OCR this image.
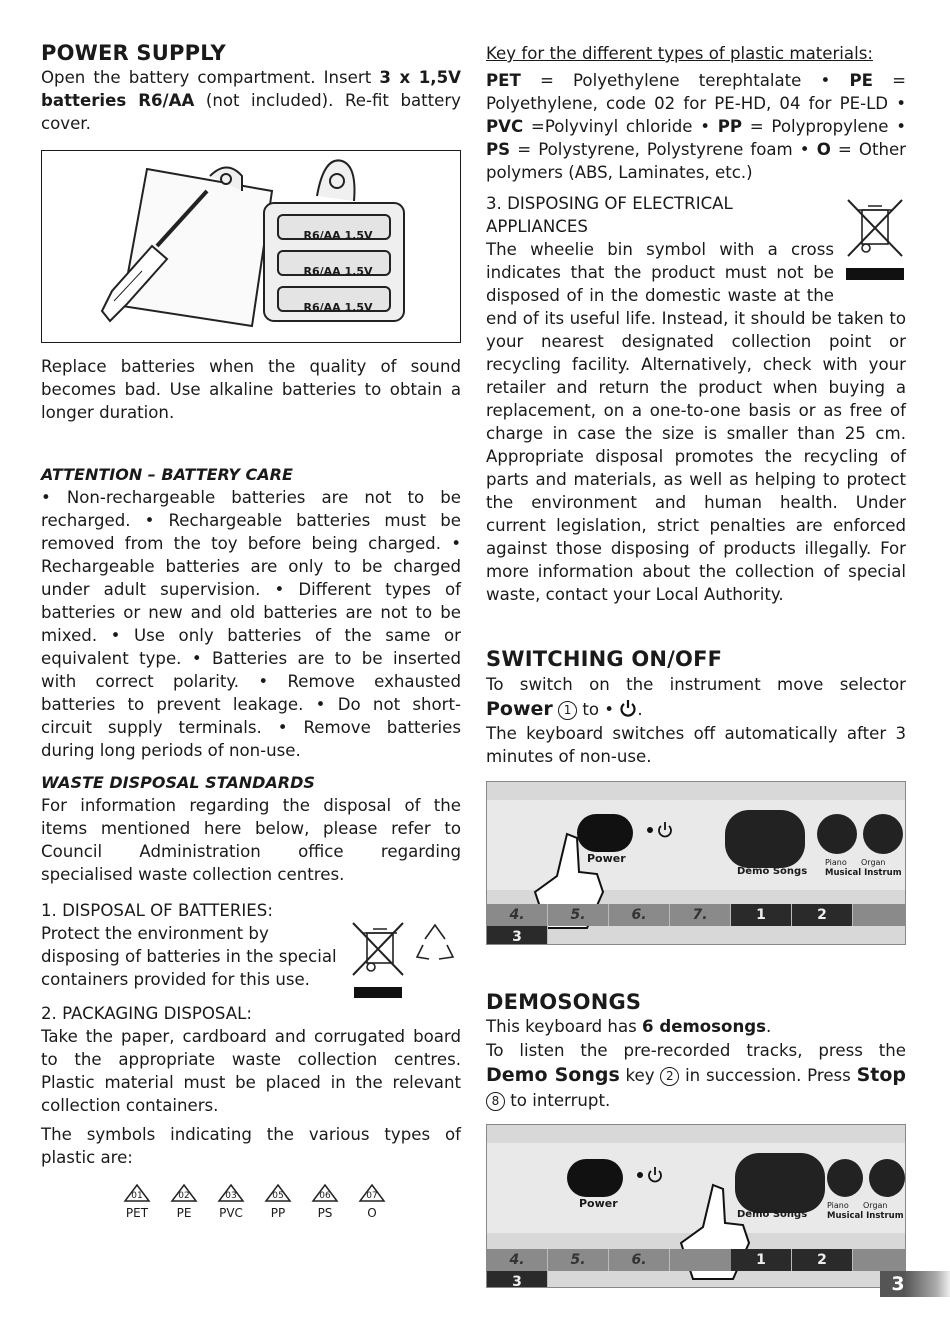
POWER SUPPLY

Open the battery compartment. Insert 3 x 1,5V batteries R6/AA (not included). Re-fit battery cover.

R6/AA 1.5V
R6/AA 1.5V
R6/AA 1.5V

Replace batteries when the quality of sound becomes bad. Use alkaline batteries to obtain a longer duration.

ATTENTION – BATTERY CARE

• Non-rechargeable batteries are not to be recharged. • Rechargeable batteries must be removed from the toy before being charged. • Rechargeable batteries are only to be charged under adult supervision. • Different types of batteries or new and old batteries are not to be mixed. • Use only batteries of the same or equivalent type. • Batteries are to be inserted with correct polarity. • Remove exhausted batteries to prevent leakage. • Do not short-circuit supply terminals. • Remove batteries during long periods of non-use.

WASTE DISPOSAL STANDARDS

For information regarding the disposal of the items mentioned here below, please refer to Council Administration office regarding specialised waste collection centres.

1. DISPOSAL OF BATTERIES:

Protect the environment by disposing of batteries in the special containers provided for this use.

2. PACKAGING DISPOSAL:

Take the paper, cardboard and corrugated board to the appropriate waste collection centres. Plastic material must be placed in the relevant collection containers.

The symbols indicating the various types of plastic are:

01
PET
02
PE
03
PVC
05
PP
06
PS
07
O

Key for the different types of plastic materials:

PET = Polyethylene terephtalate • PE = Polyethylene, code 02 for PE-HD, 04 for PE-LD • PVC =Polyvinyl chloride • PP = Polypropylene • PS = Polystyrene, Polystyrene foam • O = Other polymers (ABS, Laminates, etc.)

3. DISPOSING OF ELECTRICAL APPLIANCES

The wheelie bin symbol with a cross indicates that the product must not be disposed of in the domestic waste at the end of its useful life. Instead, it should be taken to your nearest designated collection point or recycling facility. Alternatively, check with your retailer and return the product when buying a replacement, on a one-to-one basis or as free of charge in case the size is smaller than 25 cm. Appropriate disposal promotes the recycling of parts and materials, as well as helping to protect the environment and human health. Under current legislation, strict penalties are enforced against those disposing of products illegally. For more information about the collection of special waste, contact your Local Authority.

SWITCHING ON/OFF

To switch on the instrument move selector Power 1 to • .

The keyboard switches off automatically after 3 minutes of non-use.

Power
Demo Songs
Piano Organ
Musical Instrum
4.	5.	6.	7.	1	23
DEMOSONGS

This keyboard has 6 demosongs.

To listen the pre-recorded tracks, press the Demo Songs key 2 in succession. Press Stop 8 to interrupt.

Power
Demo Songs
Piano Organ
Musical Instrum
4.	5.	6.	1	23	3
